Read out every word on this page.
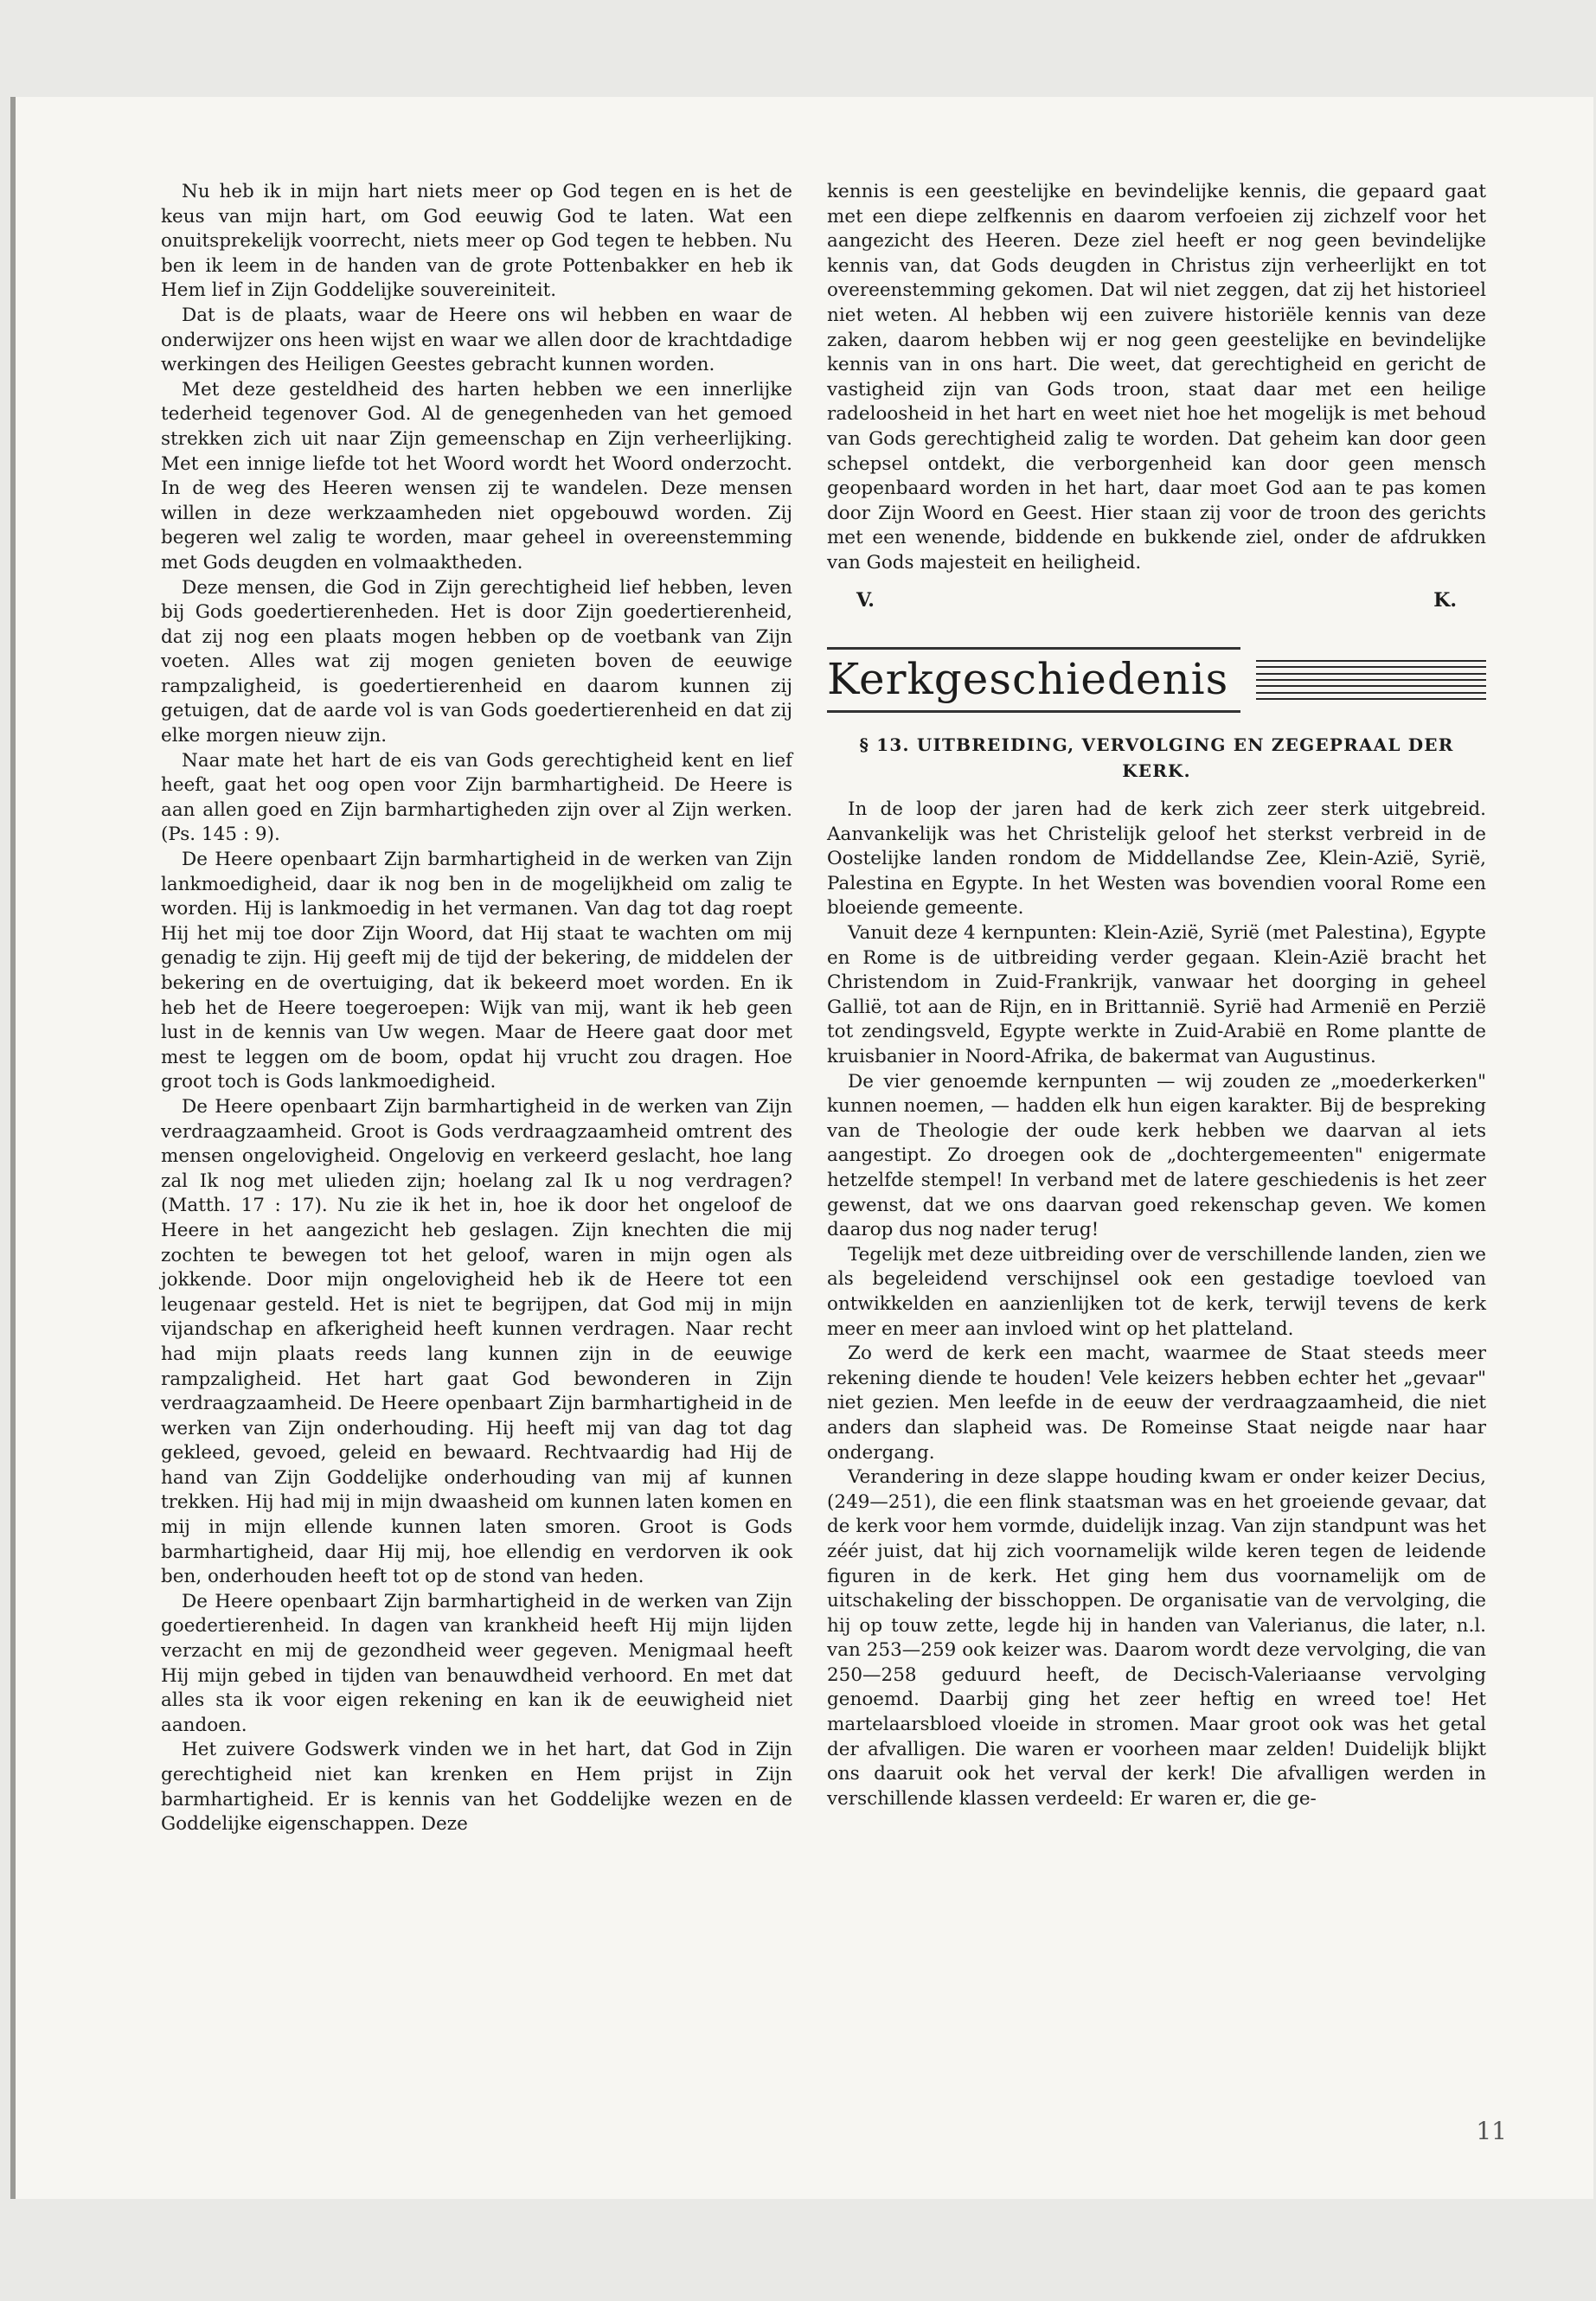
Nu heb ik in mijn hart niets meer op God tegen en is het de keus van mijn hart, om God eeuwig God te laten. Wat een onuitsprekelijk voorrecht, niets meer op God tegen te hebben. Nu ben ik leem in de handen van de grote Pottenbakker en heb ik Hem lief in Zijn Goddelijke souvereiniteit.

Dat is de plaats, waar de Heere ons wil hebben en waar de onderwijzer ons heen wijst en waar we allen door de krachtdadige werkingen des Heiligen Geestes gebracht kunnen worden.

Met deze gesteldheid des harten hebben we een innerlijke tederheid tegenover God. Al de genegenheden van het gemoed strekken zich uit naar Zijn gemeenschap en Zijn verheerlijking. Met een innige liefde tot het Woord wordt het Woord onderzocht. In de weg des Heeren wensen zij te wandelen. Deze mensen willen in deze werkzaamheden niet opgebouwd worden. Zij begeren wel zalig te worden, maar geheel in overeenstemming met Gods deugden en volmaaktheden.

Deze mensen, die God in Zijn gerechtigheid lief hebben, leven bij Gods goedertierenheden. Het is door Zijn goedertierenheid, dat zij nog een plaats mogen hebben op de voetbank van Zijn voeten. Alles wat zij mogen genieten boven de eeuwige rampzaligheid, is goedertierenheid en daarom kunnen zij getuigen, dat de aarde vol is van Gods goedertierenheid en dat zij elke morgen nieuw zijn.

Naar mate het hart de eis van Gods gerechtigheid kent en lief heeft, gaat het oog open voor Zijn barmhartigheid. De Heere is aan allen goed en Zijn barmhartigheden zijn over al Zijn werken. (Ps. 145 : 9).

De Heere openbaart Zijn barmhartigheid in de werken van Zijn lankmoedigheid, daar ik nog ben in de mogelijkheid om zalig te worden. Hij is lankmoedig in het vermanen. Van dag tot dag roept Hij het mij toe door Zijn Woord, dat Hij staat te wachten om mij genadig te zijn. Hij geeft mij de tijd der bekering, de middelen der bekering en de overtuiging, dat ik bekeerd moet worden. En ik heb het de Heere toegeroepen: Wijk van mij, want ik heb geen lust in de kennis van Uw wegen. Maar de Heere gaat door met mest te leggen om de boom, opdat hij vrucht zou dragen. Hoe groot toch is Gods lankmoedigheid.

De Heere openbaart Zijn barmhartigheid in de werken van Zijn verdraagzaamheid. Groot is Gods verdraagzaamheid omtrent des mensen ongelovigheid. Ongelovig en verkeerd geslacht, hoe lang zal Ik nog met ulieden zijn; hoelang zal Ik u nog verdragen? (Matth. 17 : 17). Nu zie ik het in, hoe ik door het ongeloof de Heere in het aangezicht heb geslagen. Zijn knechten die mij zochten te bewegen tot het geloof, waren in mijn ogen als jokkende. Door mijn ongelovigheid heb ik de Heere tot een leugenaar gesteld. Het is niet te begrijpen, dat God mij in mijn vijandschap en afkerigheid heeft kunnen verdragen. Naar recht had mijn plaats reeds lang kunnen zijn in de eeuwige rampzaligheid. Het hart gaat God bewonderen in Zijn verdraagzaamheid. De Heere openbaart Zijn barmhartigheid in de werken van Zijn onderhouding. Hij heeft mij van dag tot dag gekleed, gevoed, geleid en bewaard. Rechtvaardig had Hij de hand van Zijn Goddelijke onderhouding van mij af kunnen trekken. Hij had mij in mijn dwaasheid om kunnen laten komen en mij in mijn ellende kunnen laten smoren. Groot is Gods barmhartigheid, daar Hij mij, hoe ellendig en verdorven ik ook ben, onderhouden heeft tot op de stond van heden.

De Heere openbaart Zijn barmhartigheid in de werken van Zijn goedertierenheid. In dagen van krankheid heeft Hij mijn lijden verzacht en mij de gezondheid weer gegeven. Menigmaal heeft Hij mijn gebed in tijden van benauwdheid verhoord. En met dat alles sta ik voor eigen rekening en kan ik de eeuwigheid niet aandoen.

Het zuivere Godswerk vinden we in het hart, dat God in Zijn gerechtigheid niet kan krenken en Hem prijst in Zijn barmhartigheid. Er is kennis van het Goddelijke wezen en de Goddelijke eigenschappen. Deze

kennis is een geestelijke en bevindelijke kennis, die gepaard gaat met een diepe zelfkennis en daarom verfoeien zij zichzelf voor het aangezicht des Heeren. Deze ziel heeft er nog geen bevindelijke kennis van, dat Gods deugden in Christus zijn verheerlijkt en tot overeenstemming gekomen. Dat wil niet zeggen, dat zij het historieel niet weten. Al hebben wij een zuivere historiële kennis van deze zaken, daarom hebben wij er nog geen geestelijke en bevindelijke kennis van in ons hart. Die weet, dat gerechtigheid en gericht de vastigheid zijn van Gods troon, staat daar met een heilige radeloosheid in het hart en weet niet hoe het mogelijk is met behoud van Gods gerechtigheid zalig te worden. Dat geheim kan door geen schepsel ontdekt, die verborgenheid kan door geen mensch geopenbaard worden in het hart, daar moet God aan te pas komen door Zijn Woord en Geest. Hier staan zij voor de troon des gerichts met een wenende, biddende en bukkende ziel, onder de afdrukken van Gods majesteit en heiligheid.

V.	K.
Kerkgeschiedenis
§ 13. UITBREIDING, VERVOLGING EN ZEGEPRAAL DER KERK.

In de loop der jaren had de kerk zich zeer sterk uitgebreid. Aanvankelijk was het Christelijk geloof het sterkst verbreid in de Oostelijke landen rondom de Middellandse Zee, Klein-Azië, Syrië, Palestina en Egypte. In het Westen was bovendien vooral Rome een bloeiende gemeente.

Vanuit deze 4 kernpunten: Klein-Azië, Syrië (met Palestina), Egypte en Rome is de uitbreiding verder gegaan. Klein-Azië bracht het Christendom in Zuid-Frankrijk, vanwaar het doorging in geheel Gallië, tot aan de Rijn, en in Brittannië. Syrië had Armenië en Perzië tot zendingsveld, Egypte werkte in Zuid-Arabië en Rome plantte de kruisbanier in Noord-Afrika, de bakermat van Augustinus.

De vier genoemde kernpunten — wij zouden ze „moederkerken" kunnen noemen, — hadden elk hun eigen karakter. Bij de bespreking van de Theologie der oude kerk hebben we daarvan al iets aangestipt. Zo droegen ook de „dochtergemeenten" enigermate hetzelfde stempel! In verband met de latere geschiedenis is het zeer gewenst, dat we ons daarvan goed rekenschap geven. We komen daarop dus nog nader terug!

Tegelijk met deze uitbreiding over de verschillende landen, zien we als begeleidend verschijnsel ook een gestadige toevloed van ontwikkelden en aanzienlijken tot de kerk, terwijl tevens de kerk meer en meer aan invloed wint op het platteland.

Zo werd de kerk een macht, waarmee de Staat steeds meer rekening diende te houden! Vele keizers hebben echter het „gevaar" niet gezien. Men leefde in de eeuw der verdraagzaamheid, die niet anders dan slapheid was. De Romeinse Staat neigde naar haar ondergang.

Verandering in deze slappe houding kwam er onder keizer Decius, (249—251), die een flink staatsman was en het groeiende gevaar, dat de kerk voor hem vormde, duidelijk inzag. Van zijn standpunt was het zéér juist, dat hij zich voornamelijk wilde keren tegen de leidende figuren in de kerk. Het ging hem dus voornamelijk om de uitschakeling der bisschoppen. De organisatie van de vervolging, die hij op touw zette, legde hij in handen van Valerianus, die later, n.l. van 253—259 ook keizer was. Daarom wordt deze vervolging, die van 250—258 geduurd heeft, de Decisch-Valeriaanse vervolging genoemd. Daarbij ging het zeer heftig en wreed toe! Het martelaarsbloed vloeide in stromen. Maar groot ook was het getal der afvalligen. Die waren er voorheen maar zelden! Duidelijk blijkt ons daaruit ook het verval der kerk! Die afvalligen werden in verschillende klassen verdeeld: Er waren er, die ge-

11
